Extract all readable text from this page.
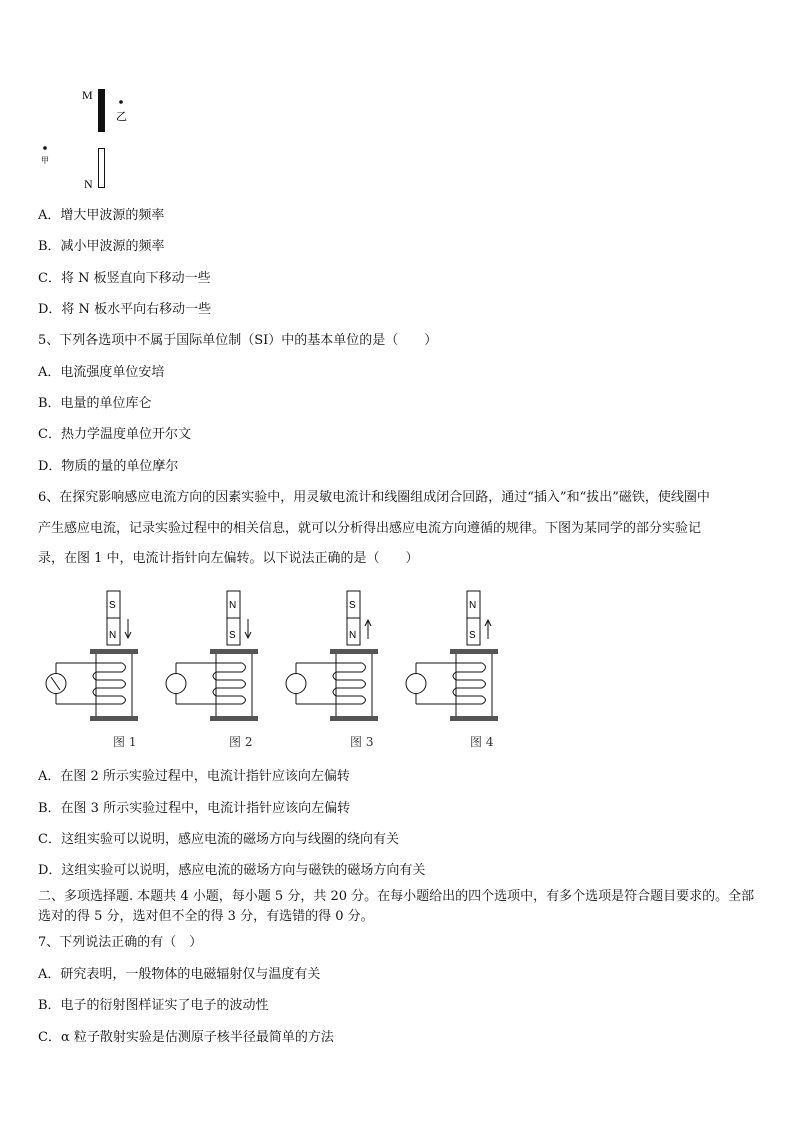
M
乙
甲
N
A．增大甲波源的频率
B．减小甲波源的频率
C．将 N 板竖直向下移动一些
D．将 N 板水平向右移动一些
5、下列各选项中不属于国际单位制（SI）中的基本单位的是（　　）
A．电流强度单位安培
B．电量的单位库仑
C．热力学温度单位开尔文
D．物质的量的单位摩尔
6、在探究影响感应电流方向的因素实验中，用灵敏电流计和线圈组成闭合回路，通过“插入”和“拔出”磁铁，使线圈中
产生感应电流，记录实验过程中的相关信息，就可以分析得出感应电流方向遵循的规律。下图为某同学的部分实验记
录，在图 1 中，电流计指针向左偏转。以下说法正确的是（　　）
S
N
图 1
N
S
图 2
S
N
图 3
N
S
图 4
A．在图 2 所示实验过程中，电流计指针应该向左偏转
B．在图 3 所示实验过程中，电流计指针应该向左偏转
C．这组实验可以说明，感应电流的磁场方向与线圈的绕向有关
D．这组实验可以说明，感应电流的磁场方向与磁铁的磁场方向有关
二、多项选择题. 本题共 4 小题，每小题 5 分，共 20 分。在每小题给出的四个选项中，有多个选项是符合题目要求的。全部选对的得 5 分，选对但不全的得 3 分，有选错的得 0 分。
7、下列说法正确的有（　）
A．研究表明，一般物体的电磁辐射仅与温度有关
B．电子的衍射图样证实了电子的波动性
C．α 粒子散射实验是估测原子核半径最简单的方法
